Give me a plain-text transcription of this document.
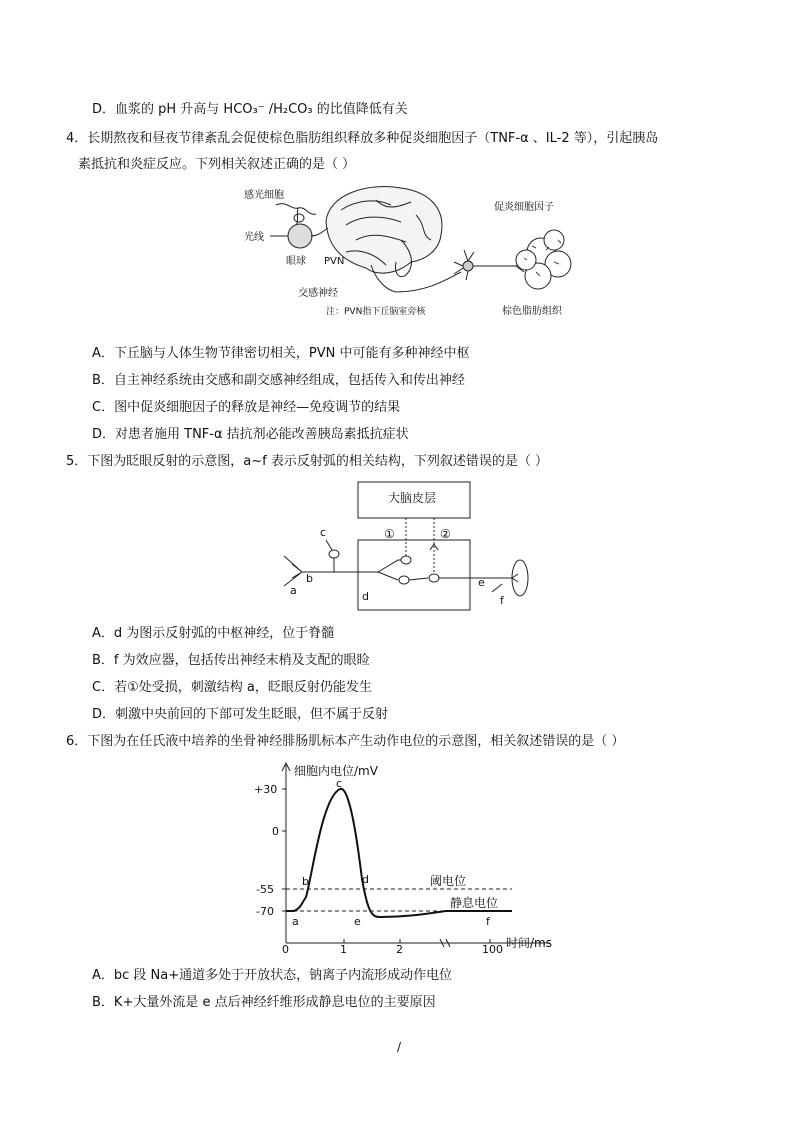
D．血浆的 pH 升高与 HCO₃⁻ /H₂CO₃ 的比值降低有关
4．长期熬夜和昼夜节律紊乱会促使棕色脂肪组织释放多种促炎细胞因子（TNF-α 、IL-2 等），引起胰岛
素抵抗和炎症反应。下列相关叙述正确的是（ ）
感光细胞
光线
眼球 PVN
交感神经
促炎细胞因子
棕色脂肪组织
注：PVN指下丘脑室旁核
A．下丘脑与人体生物节律密切相关，PVN 中可能有多种神经中枢
B．自主神经系统由交感和副交感神经组成，包括传入和传出神经
C．图中促炎细胞因子的释放是神经—免疫调节的结果
D．对患者施用 TNF-α 拮抗剂必能改善胰岛素抵抗症状
5．下图为眨眼反射的示意图，a~f 表示反射弧的相关结构，下列叙述错误的是（ ）
大脑皮层
①	②
a
b
c
d
e
f
A．d 为图示反射弧的中枢神经，位于脊髓
B．f 为效应器，包括传出神经末梢及支配的眼睑
C．若①处受损，刺激结构 a，眨眼反射仍能发生
D．刺激中央前回的下部可发生眨眼，但不属于反射
6．下图为在任氏液中培养的坐骨神经腓肠肌标本产生动作电位的示意图，相关叙述错误的是（ ）
细胞内电位/mV
时间/ms
+30
0
-55
-70
0	1	2	100
阈电位
静息电位
a
b
c
d
e	f
A．bc 段 Na+通道多处于开放状态，钠离子内流形成动作电位
B．K+大量外流是 e 点后神经纤维形成静息电位的主要原因
/
